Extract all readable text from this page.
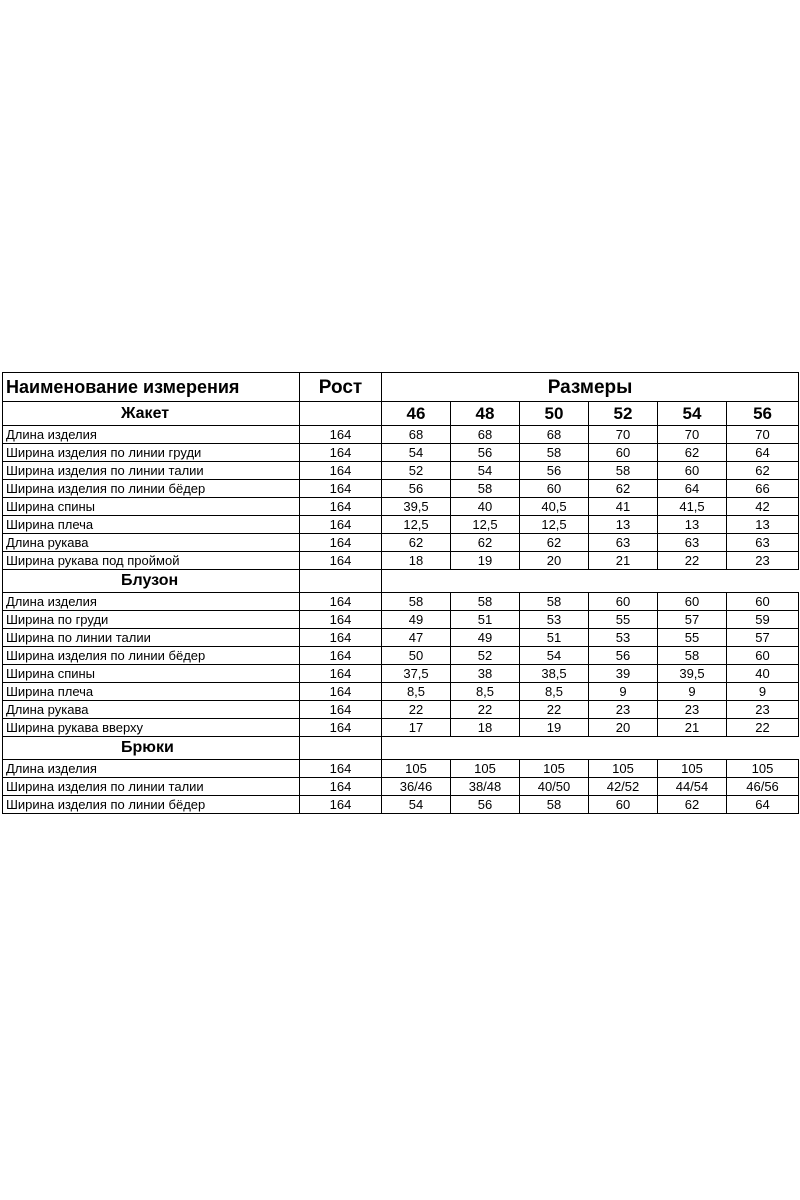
Наименование измерения	Рост	Размеры					
Жакет		46	48	50	52	54	56
Длина изделия	164	68	68	68	70	70	70
Ширина изделия по линии груди	164	54	56	58	60	62	64
Ширина изделия по линии талии	164	52	54	56	58	60	62
Ширина изделия по линии бёдер	164	56	58	60	62	64	66
Ширина спины	164	39,5	40	40,5	41	41,5	42
Ширина плеча	164	12,5	12,5	12,5	13	13	13
Длина рукава	164	62	62	62	63	63	63
Ширина рукава под проймой	164	18	19	20	21	22	23
Блузон							
Длина изделия	164	58	58	58	60	60	60
Ширина по груди	164	49	51	53	55	57	59
Ширина по линии талии	164	47	49	51	53	55	57
Ширина изделия по линии бёдер	164	50	52	54	56	58	60
Ширина спины	164	37,5	38	38,5	39	39,5	40
Ширина плеча	164	8,5	8,5	8,5	9	9	9
Длина рукава	164	22	22	22	23	23	23
Ширина рукава вверху	164	17	18	19	20	21	22
Брюки							
Длина изделия	164	105	105	105	105	105	105
Ширина изделия по линии талии	164	36/46	38/48	40/50	42/52	44/54	46/56
Ширина изделия по линии бёдер	164	54	56	58	60	62	64
